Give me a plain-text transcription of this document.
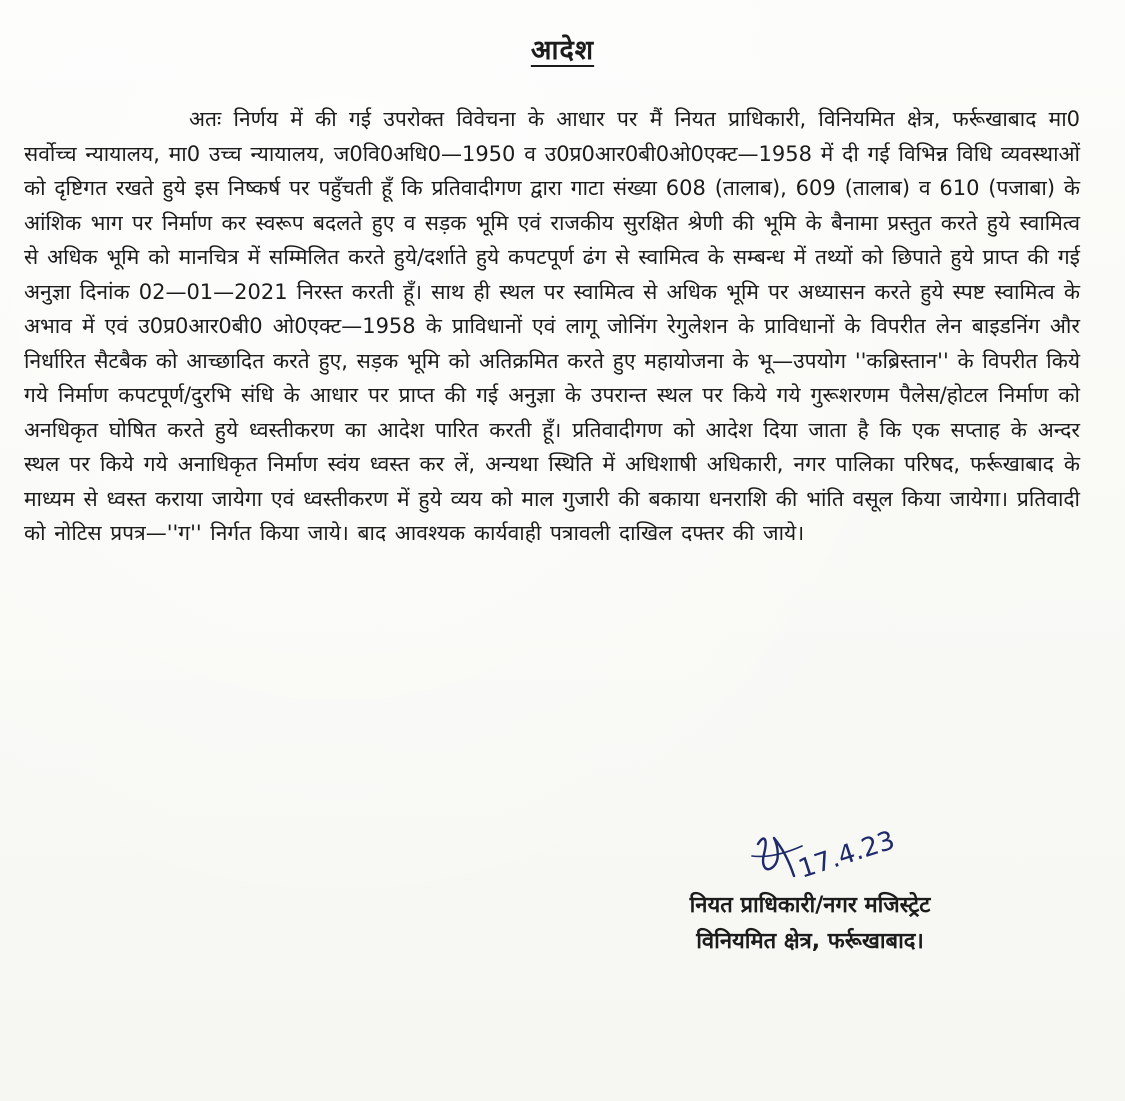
आदेश

अतः निर्णय में की गई उपरोक्त विवेचना के आधार पर मैं नियत प्राधिकारी, विनियमित क्षेत्र, फर्रूखाबाद मा0 सर्वोच्च न्यायालय, मा0 उच्च न्यायालय, ज0वि0अधि0—1950 व उ0प्र0आर0बी0ओ0एक्ट—1958 में दी गई विभिन्न विधि व्यवस्थाओं को दृष्टिगत रखते हुये इस निष्कर्ष पर पहुँचती हूँ कि प्रतिवादीगण द्वारा गाटा संख्या 608 (तालाब), 609 (तालाब) व 610 (पजाबा) के आंशिक भाग पर निर्माण कर स्वरूप बदलते हुए व सड़क भूमि एवं राजकीय सुरक्षित श्रेणी की भूमि के बैनामा प्रस्तुत करते हुये स्वामित्व से अधिक भूमि को मानचित्र में सम्मिलित करते हुये/दर्शाते हुये कपटपूर्ण ढंग से स्वामित्व के सम्बन्ध में तथ्यों को छिपाते हुये प्राप्त की गई अनुज्ञा दिनांक 02—01—2021 निरस्त करती हूँ। साथ ही स्थल पर स्वामित्व से अधिक भूमि पर अध्यासन करते हुये स्पष्ट स्वामित्व के अभाव में एवं उ0प्र0आर0बी0 ओ0एक्ट—1958 के प्राविधानों एवं लागू जोनिंग रेगुलेशन के प्राविधानों के विपरीत लेन बाइडनिंग और निर्धारित सैटबैक को आच्छादित करते हुए, सड़क भूमि को अतिक्रमित करते हुए महायोजना के भू—उपयोग ''कब्रिस्तान'' के विपरीत किये गये निर्माण कपटपूर्ण/दुरभि संधि के आधार पर प्राप्त की गई अनुज्ञा के उपरान्त स्थल पर किये गये गुरूशरणम पैलेस/होटल निर्माण को अनधिकृत घोषित करते हुये ध्वस्तीकरण का आदेश पारित करती हूँ। प्रतिवादीगण को आदेश दिया जाता है कि एक सप्ताह के अन्दर स्थल पर किये गये अनाधिकृत निर्माण स्वंय ध्वस्त कर लें, अन्यथा स्थिति में अधिशाषी अधिकारी, नगर पालिका परिषद, फर्रूखाबाद के माध्यम से ध्वस्त कराया जायेगा एवं ध्वस्तीकरण में हुये व्यय को माल गुजारी की बकाया धनराशि की भांति वसूल किया जायेगा। प्रतिवादी को नोटिस प्रपत्र—''ग'' निर्गत किया जाये। बाद आवश्यक कार्यवाही पत्रावली दाखिल दफ्तर की जाये।

17.4.23
नियत प्राधिकारी/नगर मजिस्ट्रेट
विनियमित क्षेत्र, फर्रूखाबाद।
